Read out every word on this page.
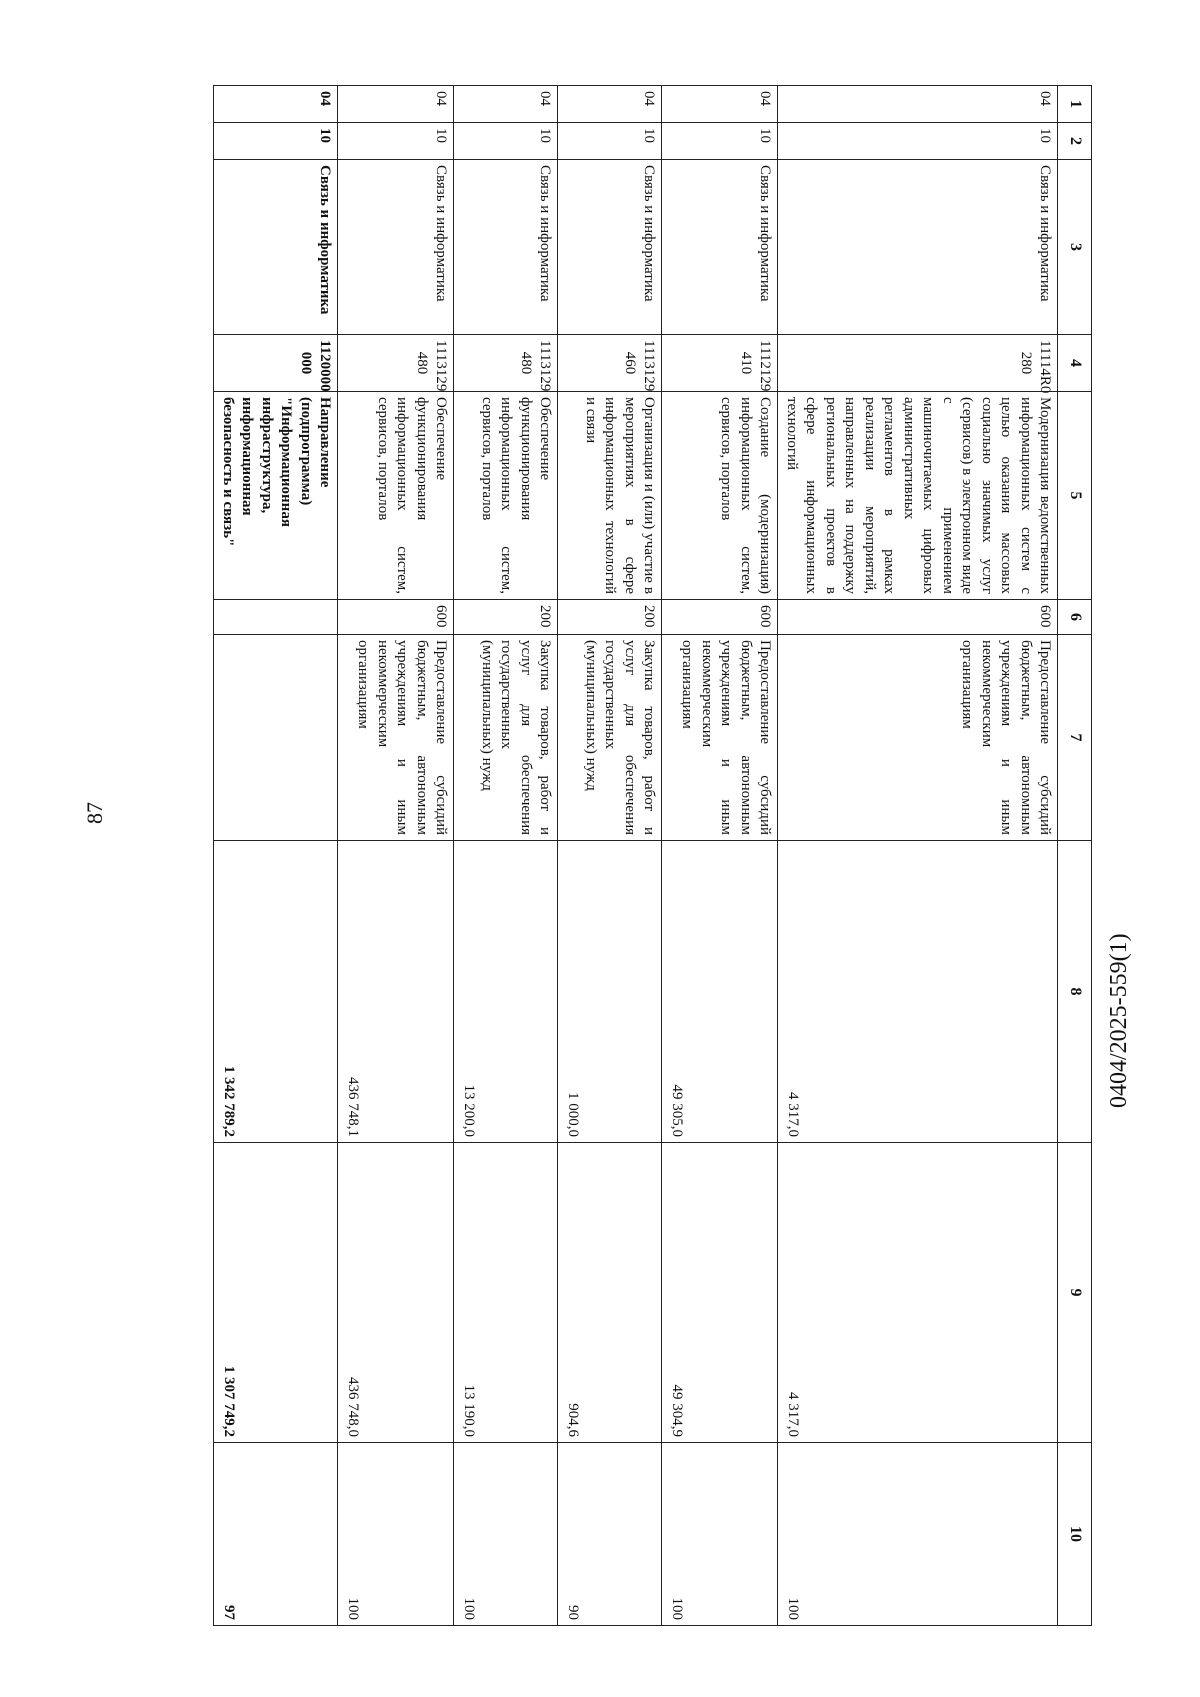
87
1	2	3	4	5	6	7	8	9	10
04	10	Связь и информатика	11114R0 280	Модернизация ведомственных информационных систем с целью оказания массовых социально значимых услуг (сервисов) в электронном виде с применением машиночитаемых цифровых административных регламентов в рамках реализации мероприятий, направленных на поддержку региональных проектов в сфере информационных технологий	600	Предоставление субсидий бюджетным, автономным учреждениям и иным некоммерческим организациям	4 317,0	4 317,0	100
04	10	Связь и информатика	1112129 410	Создание (модернизация) информационных систем, сервисов, порталов	600	Предоставление субсидий бюджетным, автономным учреждениям и иным некоммерческим организациям	49 305,0	49 304,9	100
04	10	Связь и информатика	1113129 460	Организация и (или) участие в мероприятиях в сфере информационных технологий и связи	200	Закупка товаров, работ и услуг для обеспечения государственных (муниципальных) нужд	1 000,0	904,6	90
04	10	Связь и информатика	1113129 480	Обеспечение функционирования информационных систем, сервисов, порталов	200	Закупка товаров, работ и услуг для обеспечения государственных (муниципальных) нужд	13 200,0	13 190,0	100
04	10	Связь и информатика	1113129 480	Обеспечение функционирования информационных систем, сервисов, порталов	600	Предоставление субсидий бюджетным, автономным учреждениям и иным некоммерческим организациям	436 748,1	436 748,0	100
04	10	Связь и информатика	1120000 000	Направление (подпрограмма) "Информационная инфраструктура, информационная безопасность и связь"			1 342 789,2	1 307 749,2	97
0404/2025-559(1)
